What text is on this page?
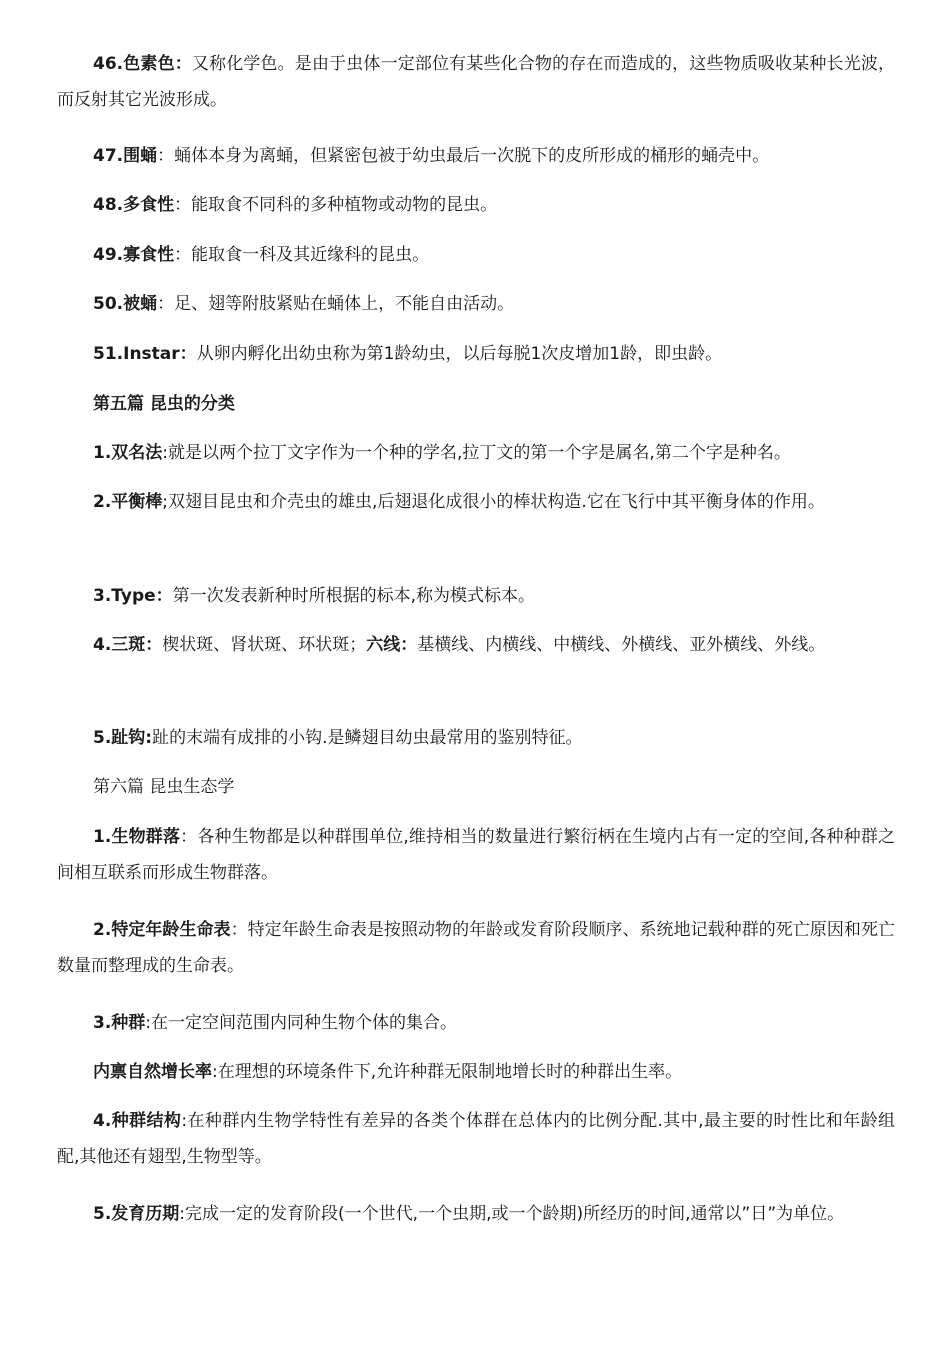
46.色素色：又称化学色。是由于虫体一定部位有某些化合物的存在而造成的，这些物质吸收某种长光波，而反射其它光波形成。

47.围蛹：蛹体本身为离蛹，但紧密包被于幼虫最后一次脱下的皮所形成的桶形的蛹壳中。

48.多食性：能取食不同科的多种植物或动物的昆虫。

49.寡食性：能取食一科及其近缘科的昆虫。

50.被蛹：足、翅等附肢紧贴在蛹体上，不能自由活动。

51.Instar：从卵内孵化出幼虫称为第1龄幼虫，以后每脱1次皮增加1龄，即虫龄。

第五篇 昆虫的分类

1.双名法:就是以两个拉丁文字作为一个种的学名,拉丁文的第一个字是属名,第二个字是种名。

2.平衡棒;双翅目昆虫和介壳虫的雄虫,后翅退化成很小的棒状构造.它在飞行中其平衡身体的作用。

3.Type：第一次发表新种时所根据的标本,称为模式标本。

4.三斑：楔状斑、肾状斑、环状斑；六线：基横线、内横线、中横线、外横线、亚外横线、外线。

5.趾钩:趾的末端有成排的小钩.是鳞翅目幼虫最常用的鉴别特征。

第六篇 昆虫生态学

1.生物群落：各种生物都是以种群围单位,维持相当的数量进行繁衍柄在生境内占有一定的空间,各种种群之间相互联系而形成生物群落。

2.特定年龄生命表：特定年龄生命表是按照动物的年龄或发育阶段顺序、系统地记载种群的死亡原因和死亡数量而整理成的生命表。

3.种群:在一定空间范围内同种生物个体的集合。

内禀自然增长率:在理想的环境条件下,允许种群无限制地增长时的种群出生率。

4.种群结构:在种群内生物学特性有差异的各类个体群在总体内的比例分配.其中,最主要的时性比和年龄组配,其他还有翅型,生物型等。

5.发育历期:完成一定的发育阶段(一个世代,一个虫期,或一个龄期)所经历的时间,通常以”日”为单位。
